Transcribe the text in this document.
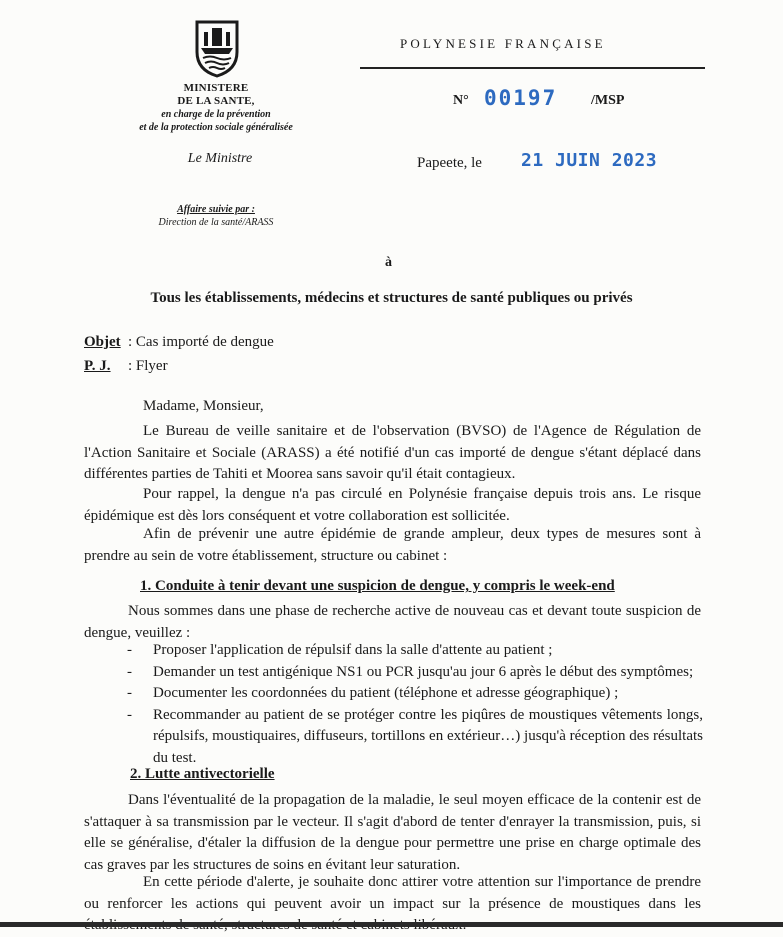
MINISTERE
DE LA SANTE,
en charge de la prévention
et de la protection sociale généralisée
Le Ministre
Affaire suivie par :
Direction de la santé/ARASS
POLYNESIE FRANÇAISE
N° 00197 /MSP
Papeete, le 21 JUIN 2023
à
Tous les établissements, médecins et structures de santé publiques ou privés
Objet : Cas importé de dengue
P. J. : Flyer
Madame, Monsieur,

Le Bureau de veille sanitaire et de l'observation (BVSO) de l'Agence de Régulation de l'Action Sanitaire et Sociale (ARASS) a été notifié d'un cas importé de dengue s'étant déplacé dans différentes parties de Tahiti et Moorea sans savoir qu'il était contagieux.

Pour rappel, la dengue n'a pas circulé en Polynésie française depuis trois ans. Le risque épidémique est dès lors conséquent et votre collaboration est sollicitée.

Afin de prévenir une autre épidémie de grande ampleur, deux types de mesures sont à prendre au sein de votre établissement, structure ou cabinet :

1. Conduite à tenir devant une suspicion de dengue, y compris le week-end

Nous sommes dans une phase de recherche active de nouveau cas et devant toute suspicion de dengue, veuillez :

- Proposer l'application de répulsif dans la salle d'attente au patient ;
- Demander un test antigénique NS1 ou PCR jusqu'au jour 6 après le début des symptômes;
- Documenter les coordonnées du patient (téléphone et adresse géographique) ;
- Recommander au patient de se protéger contre les piqûres de moustiques vêtements longs, répulsifs, moustiquaires, diffuseurs, tortillons en extérieur…) jusqu'à réception des résultats du test.
2. Lutte antivectorielle

Dans l'éventualité de la propagation de la maladie, le seul moyen efficace de la contenir est de s'attaquer à sa transmission par le vecteur. Il s'agit d'abord de tenter d'enrayer la transmission, puis, si elle se généralise, d'étaler la diffusion de la dengue pour permettre une prise en charge optimale des cas graves par les structures de soins en évitant leur saturation.

En cette période d'alerte, je souhaite donc attirer votre attention sur l'importance de prendre ou renforcer les actions qui peuvent avoir un impact sur la présence de moustiques dans les
